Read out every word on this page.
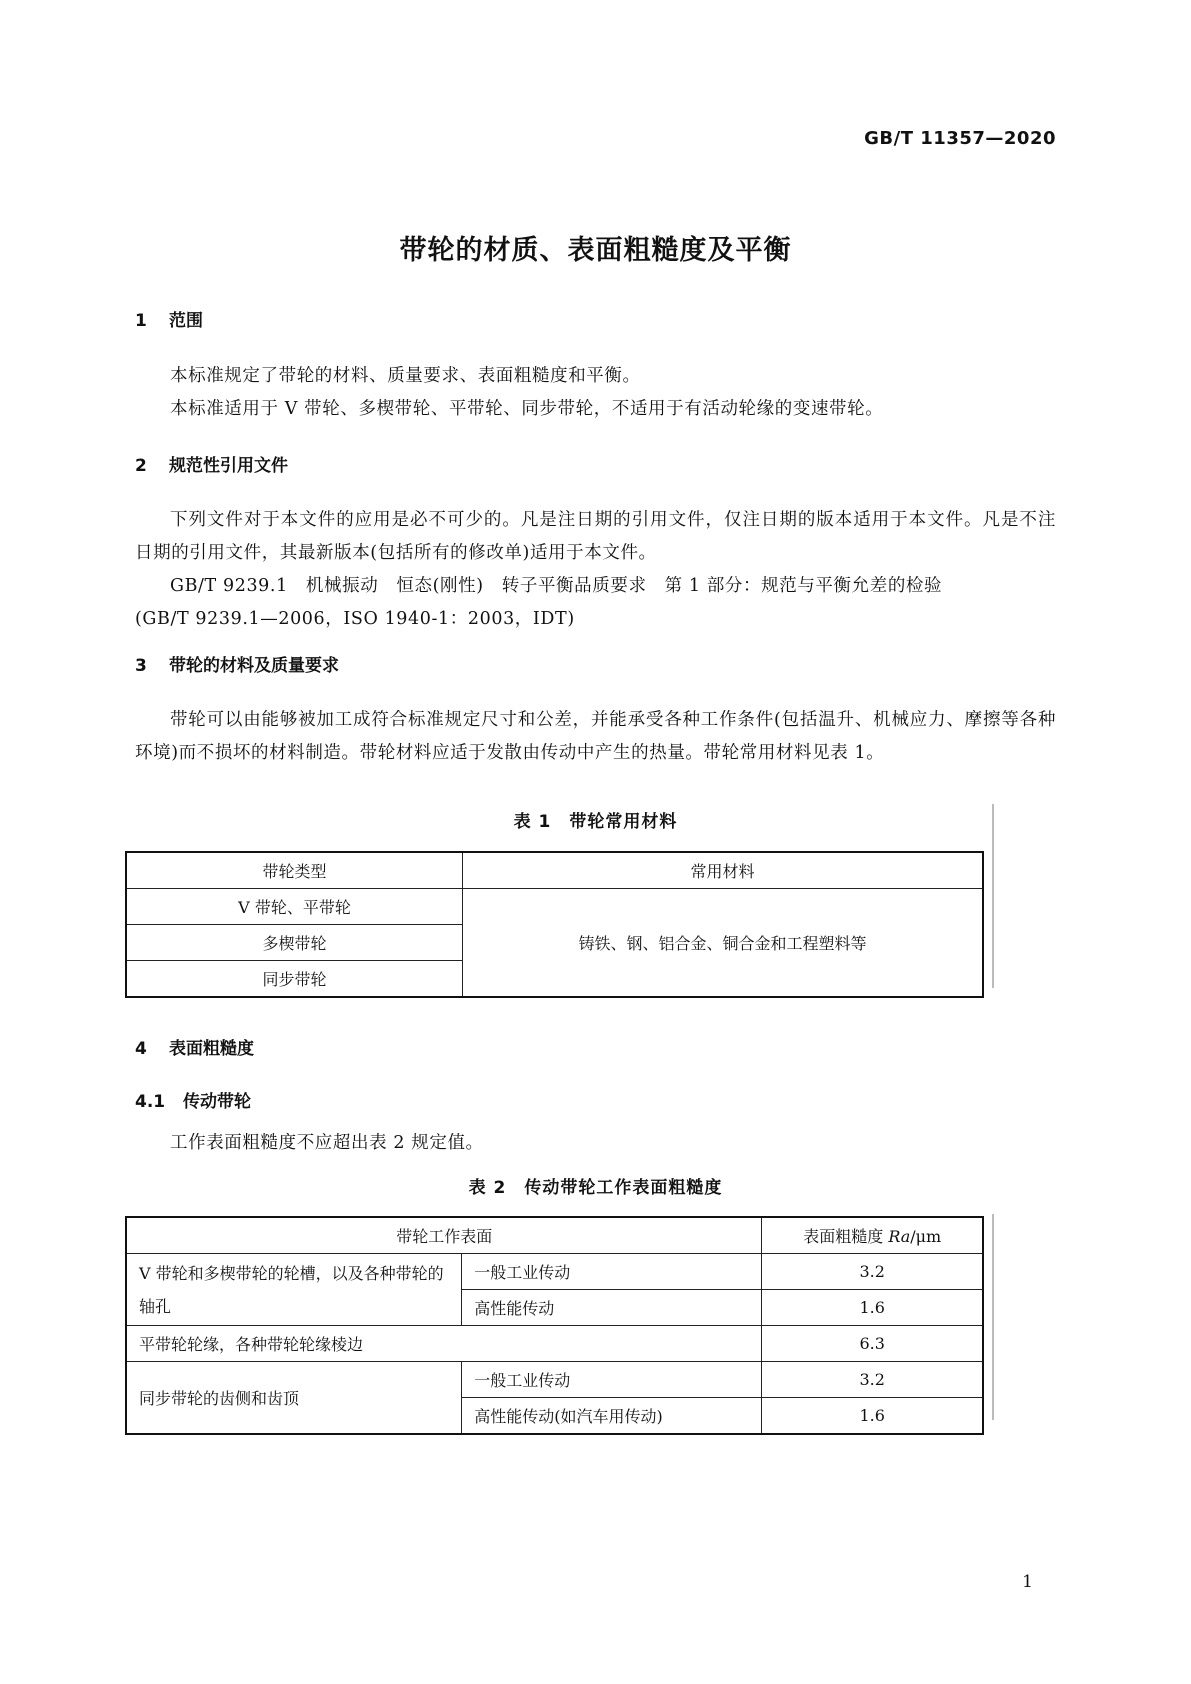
GB/T 11357—2020
带轮的材质、表面粗糙度及平衡
1 范围
本标准规定了带轮的材料、质量要求、表面粗糙度和平衡。
本标准适用于 V 带轮、多楔带轮、平带轮、同步带轮，不适用于有活动轮缘的变速带轮。
2 规范性引用文件

下列文件对于本文件的应用是必不可少的。凡是注日期的引用文件，仅注日期的版本适用于本文件。凡是不注日期的引用文件，其最新版本(包括所有的修改单)适用于本文件。

GB/T 9239.1　机械振动　恒态(刚性)　转子平衡品质要求　第 1 部分：规范与平衡允差的检验
(GB/T 9239.1—2006，ISO 1940-1：2003，IDT)
3 带轮的材料及质量要求

带轮可以由能够被加工成符合标准规定尺寸和公差，并能承受各种工作条件(包括温升、机械应力、摩擦等各种环境)而不损坏的材料制造。带轮材料应适于发散由传动中产生的热量。带轮常用材料见表 1。

表 1　带轮常用材料
带轮类型	常用材料
V 带轮、平带轮	铸铁、钢、铝合金、铜合金和工程塑料等
多楔带轮	
同步带轮	
4 表面粗糙度
4.1 传动带轮

工作表面粗糙度不应超出表 2 规定值。

表 2　传动带轮工作表面粗糙度
带轮工作表面		表面粗糙度 Ra/μm
V 带轮和多楔带轮的轮槽，以及各种带轮的轴孔	一般工业传动	3.2
	高性能传动	1.6
平带轮轮缘，各种带轮轮缘棱边		6.3
同步带轮的齿侧和齿顶	一般工业传动	3.2
	高性能传动(如汽车用传动)	1.6
1
